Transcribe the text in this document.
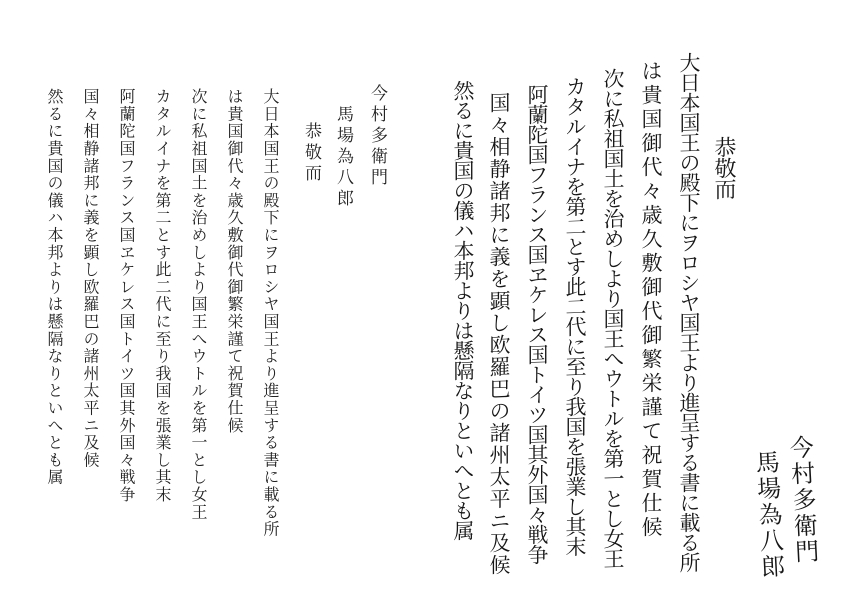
今村多衛門
馬場為八郎
恭敬而
大日本国王の殿下にヲロシヤ国王より進呈する書に載る所
は貴国御代々歳久敷御代御繁栄謹て祝賀仕候
次に私祖国土を治めしより国王へウトルを第一とし女王
カタルイナを第二とす此二代に至り我国を張業し其末
阿蘭陀国フランス国ヱケレス国トイツ国其外国々戦争
国々相静諸邦に義を顕し欧羅巴の諸州太平ニ及候
然るに貴国の儀ハ本邦よりは懸隔なりといへとも属
今村多衛門
馬場為八郎
恭敬而
大日本国王の殿下にヲロシヤ国王より進呈する書に載る所
は貴国御代々歳久敷御代御繁栄謹て祝賀仕候
次に私祖国土を治めしより国王へウトルを第一とし女王
カタルイナを第二とす此二代に至り我国を張業し其末
阿蘭陀国フランス国ヱケレス国トイツ国其外国々戦争
国々相静諸邦に義を顕し欧羅巴の諸州太平ニ及候
然るに貴国の儀ハ本邦よりは懸隔なりといへとも属
